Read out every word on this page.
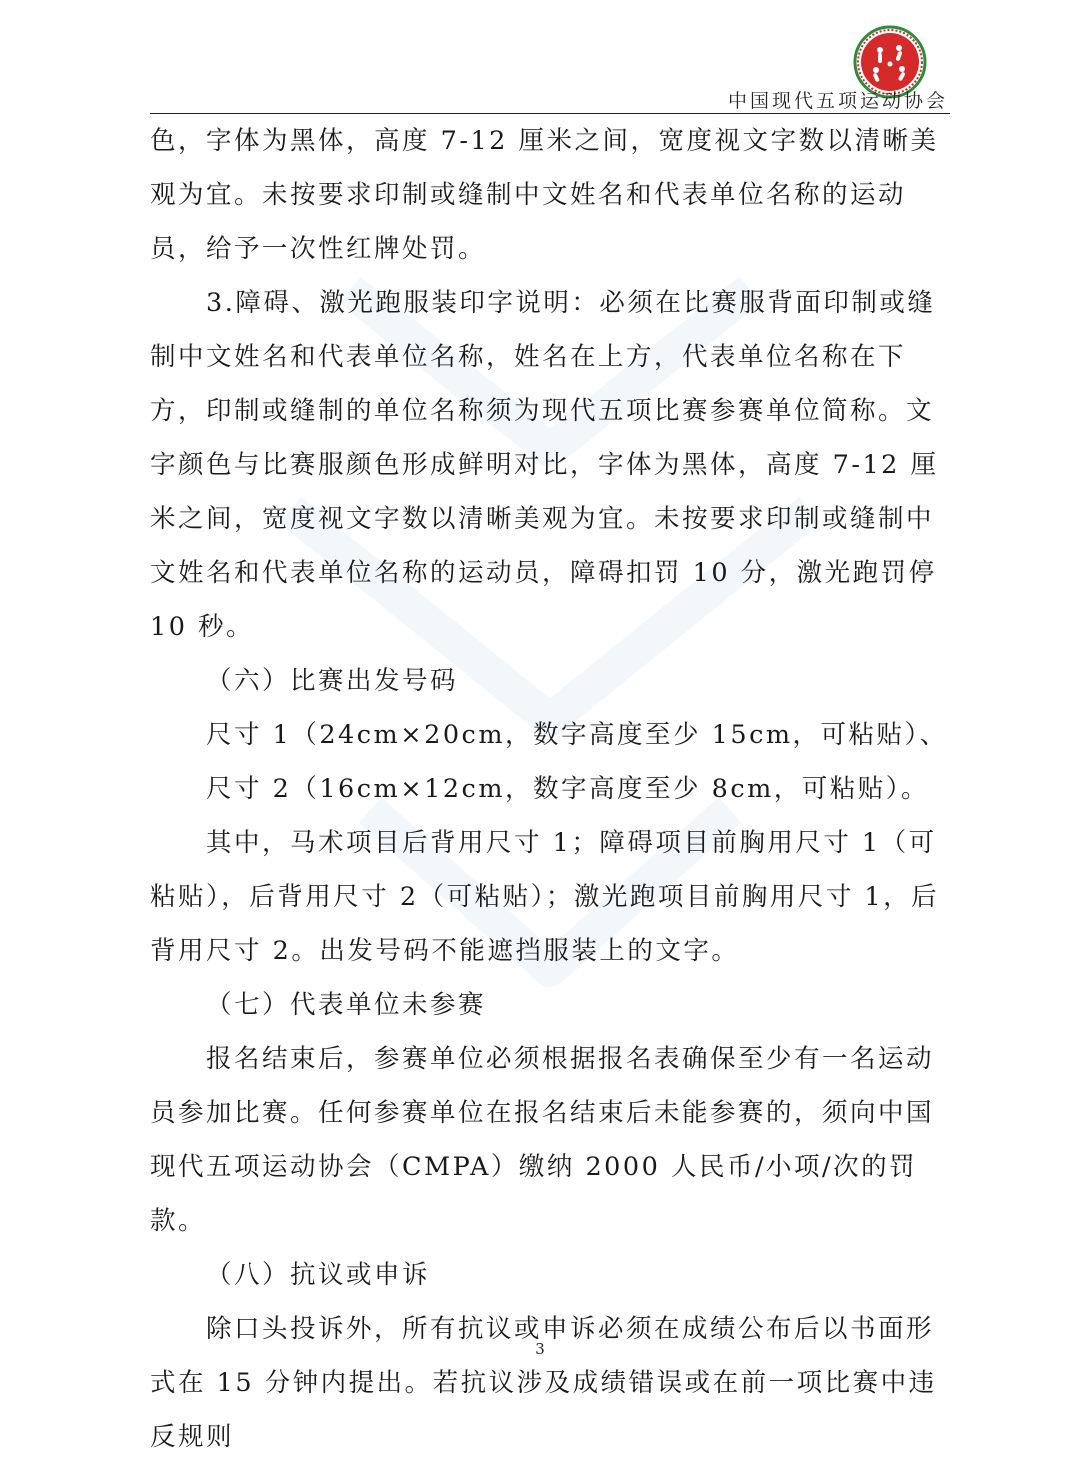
中国现代五项运动协会

色，字体为黑体，高度 7-12 厘米之间，宽度视文字数以清晰美观为宜。未按要求印制或缝制中文姓名和代表单位名称的运动员，给予一次性红牌处罚。

3.障碍、激光跑服装印字说明：必须在比赛服背面印制或缝制中文姓名和代表单位名称，姓名在上方，代表单位名称在下方，印制或缝制的单位名称须为现代五项比赛参赛单位简称。文字颜色与比赛服颜色形成鲜明对比，字体为黑体，高度 7-12 厘米之间，宽度视文字数以清晰美观为宜。未按要求印制或缝制中文姓名和代表单位名称的运动员，障碍扣罚 10 分，激光跑罚停 10 秒。

（六）比赛出发号码

尺寸 1（24cm×20cm，数字高度至少 15cm，可粘贴）、

尺寸 2（16cm×12cm，数字高度至少 8cm，可粘贴）。

其中，马术项目后背用尺寸 1；障碍项目前胸用尺寸 1（可粘贴），后背用尺寸 2（可粘贴）；激光跑项目前胸用尺寸 1，后背用尺寸 2。出发号码不能遮挡服装上的文字。

（七）代表单位未参赛

报名结束后，参赛单位必须根据报名表确保至少有一名运动员参加比赛。任何参赛单位在报名结束后未能参赛的，须向中国现代五项运动协会（CMPA）缴纳 2000 人民币/小项/次的罚款。

（八）抗议或申诉

除口头投诉外，所有抗议或申诉必须在成绩公布后以书面形式在 15 分钟内提出。若抗议涉及成绩错误或在前一项比赛中违反规则

3
